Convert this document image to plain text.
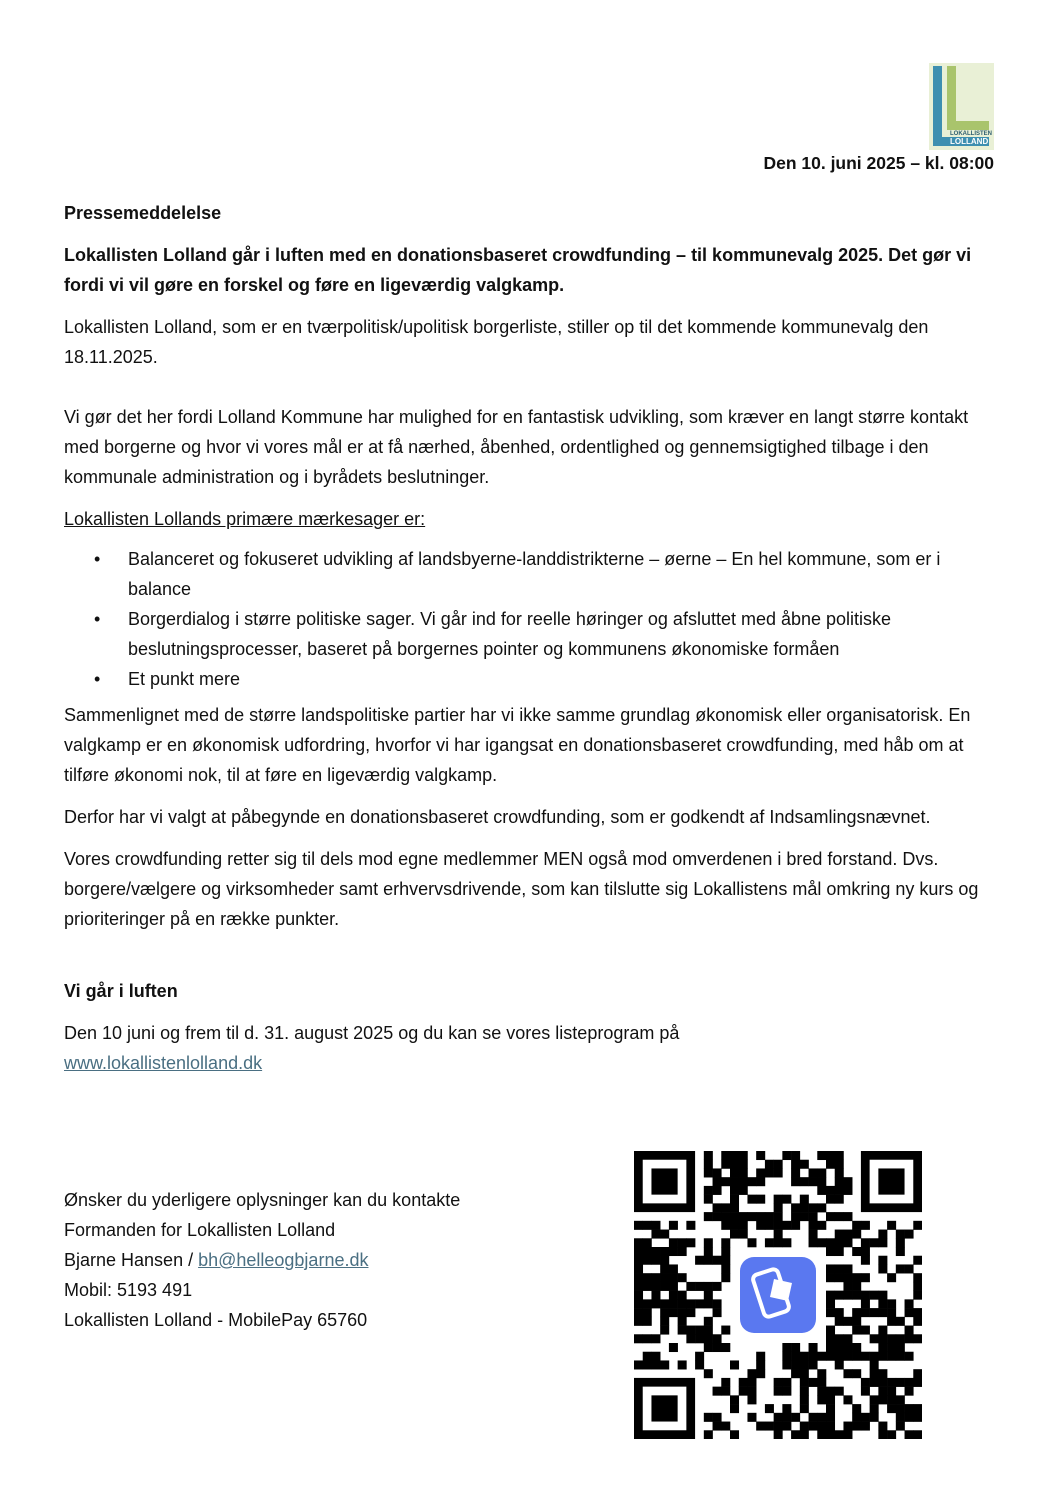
LOKALLISTEN
LOLLAND
Den 10. juni 2025 – kl. 08:00

Pressemeddelelse

Lokallisten Lolland går i luften med en donationsbaseret crowdfunding – til kommunevalg 2025. Det gør vi fordi vi vil gøre en forskel og føre en ligeværdig valgkamp.

Lokallisten Lolland, som er en tværpolitisk/upolitisk borgerliste, stiller op til det kommende kommunevalg den 18.11.2025.

Vi gør det her fordi Lolland Kommune har mulighed for en fantastisk udvikling, som kræver en langt større kontakt med borgerne og hvor vi vores mål er at få nærhed, åbenhed, ordentlighed og gennemsigtighed tilbage i den kommunale administration og i byrådets beslutninger.

Lokallisten Lollands primære mærkesager er:

• Balanceret og fokuseret udvikling af landsbyerne-landdistrikterne – øerne – En hel kommune, som er i balance
• Borgerdialog i større politiske sager. Vi går ind for reelle høringer og afsluttet med åbne politiske beslutningsprocesser, baseret på borgernes pointer og kommunens økonomiske formåen
• Et punkt mere

Sammenlignet med de større landspolitiske partier har vi ikke samme grundlag økonomisk eller organisatorisk. En valgkamp er en økonomisk udfordring, hvorfor vi har igangsat en donationsbaseret crowdfunding, med håb om at tilføre økonomi nok, til at føre en ligeværdig valgkamp.

Derfor har vi valgt at påbegynde en donationsbaseret crowdfunding, som er godkendt af Indsamlingsnævnet.

Vores crowdfunding retter sig til dels mod egne medlemmer MEN også mod omverdenen i bred forstand. Dvs. borgere/vælgere og virksomheder samt erhvervsdrivende, som kan tilslutte sig Lokallistens mål omkring ny kurs og prioriteringer på en række punkter.

Vi går i luften

Den 10 juni og frem til d. 31. august 2025 og du kan se vores listeprogram på

www.lokallistenlolland.dk

Ønsker du yderligere oplysninger kan du kontakte
Formanden for Lokallisten Lolland
Bjarne Hansen / bh@helleogbjarne.dk
Mobil: 5193 491
Lokallisten Lolland - MobilePay 65760
